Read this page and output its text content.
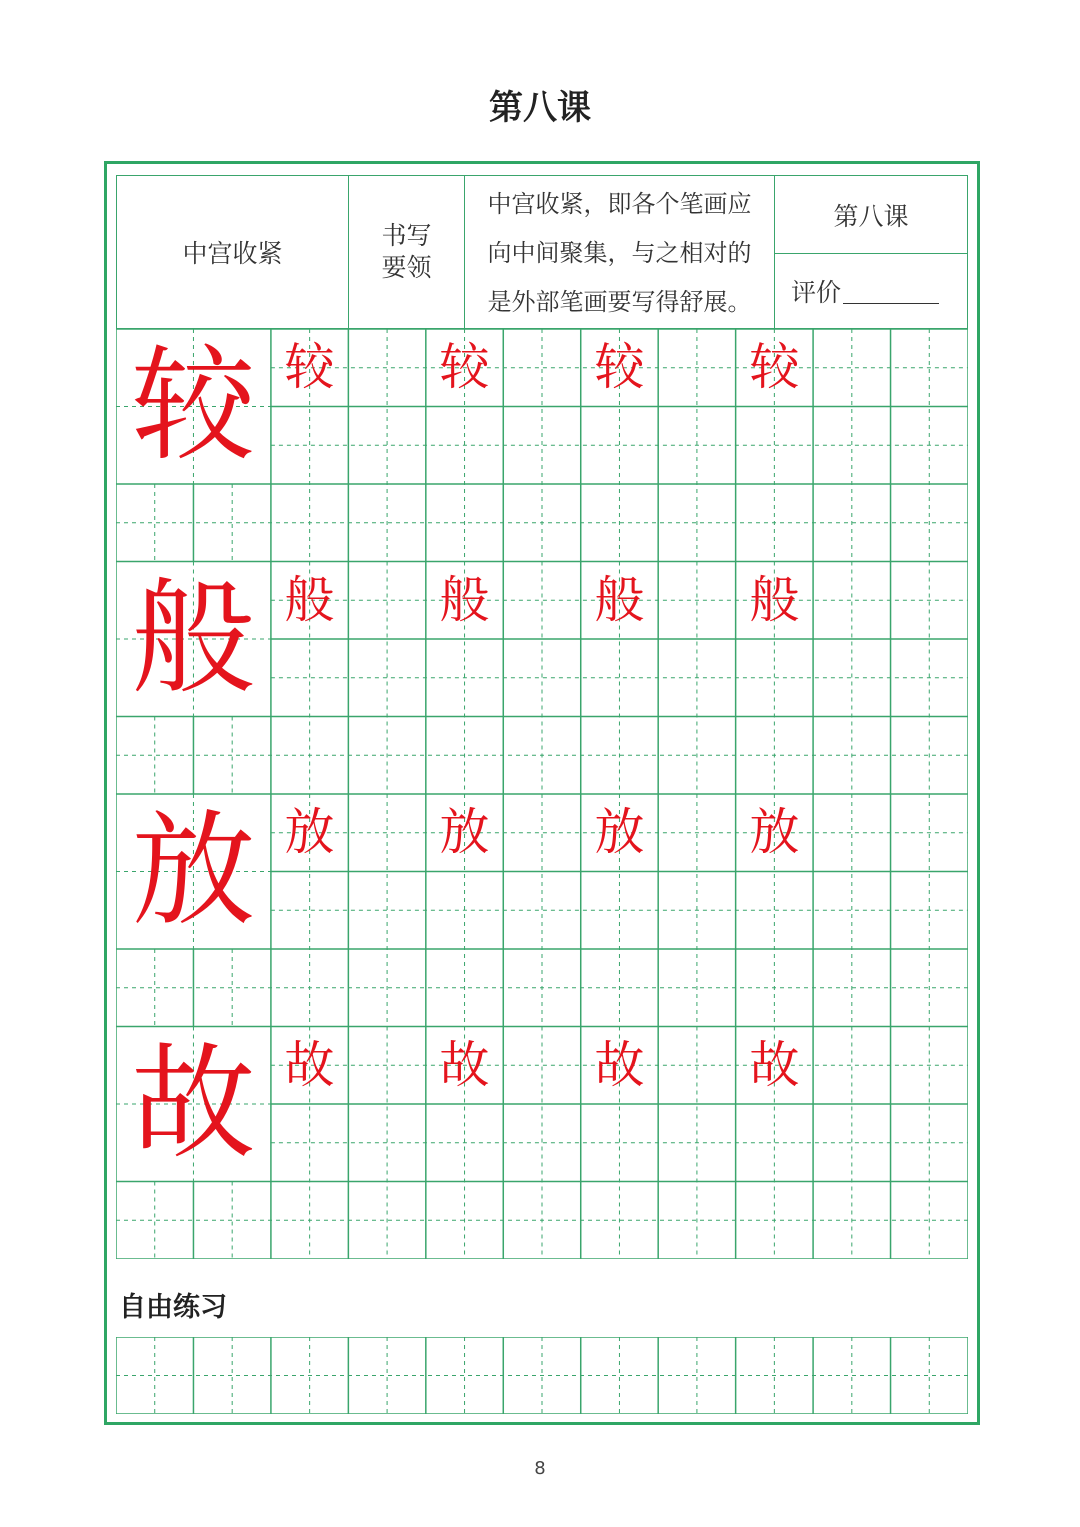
第八课
中宫收紧
书写
要领
中宫收紧，即各个笔画应
向中间聚集，与之相对的
是外部笔画要写得舒展。
第八课
评价
较 较 较 较 较
般 般 般 般 般
放 放 放 放 放
故 故 故 故 故
自由练习
8
